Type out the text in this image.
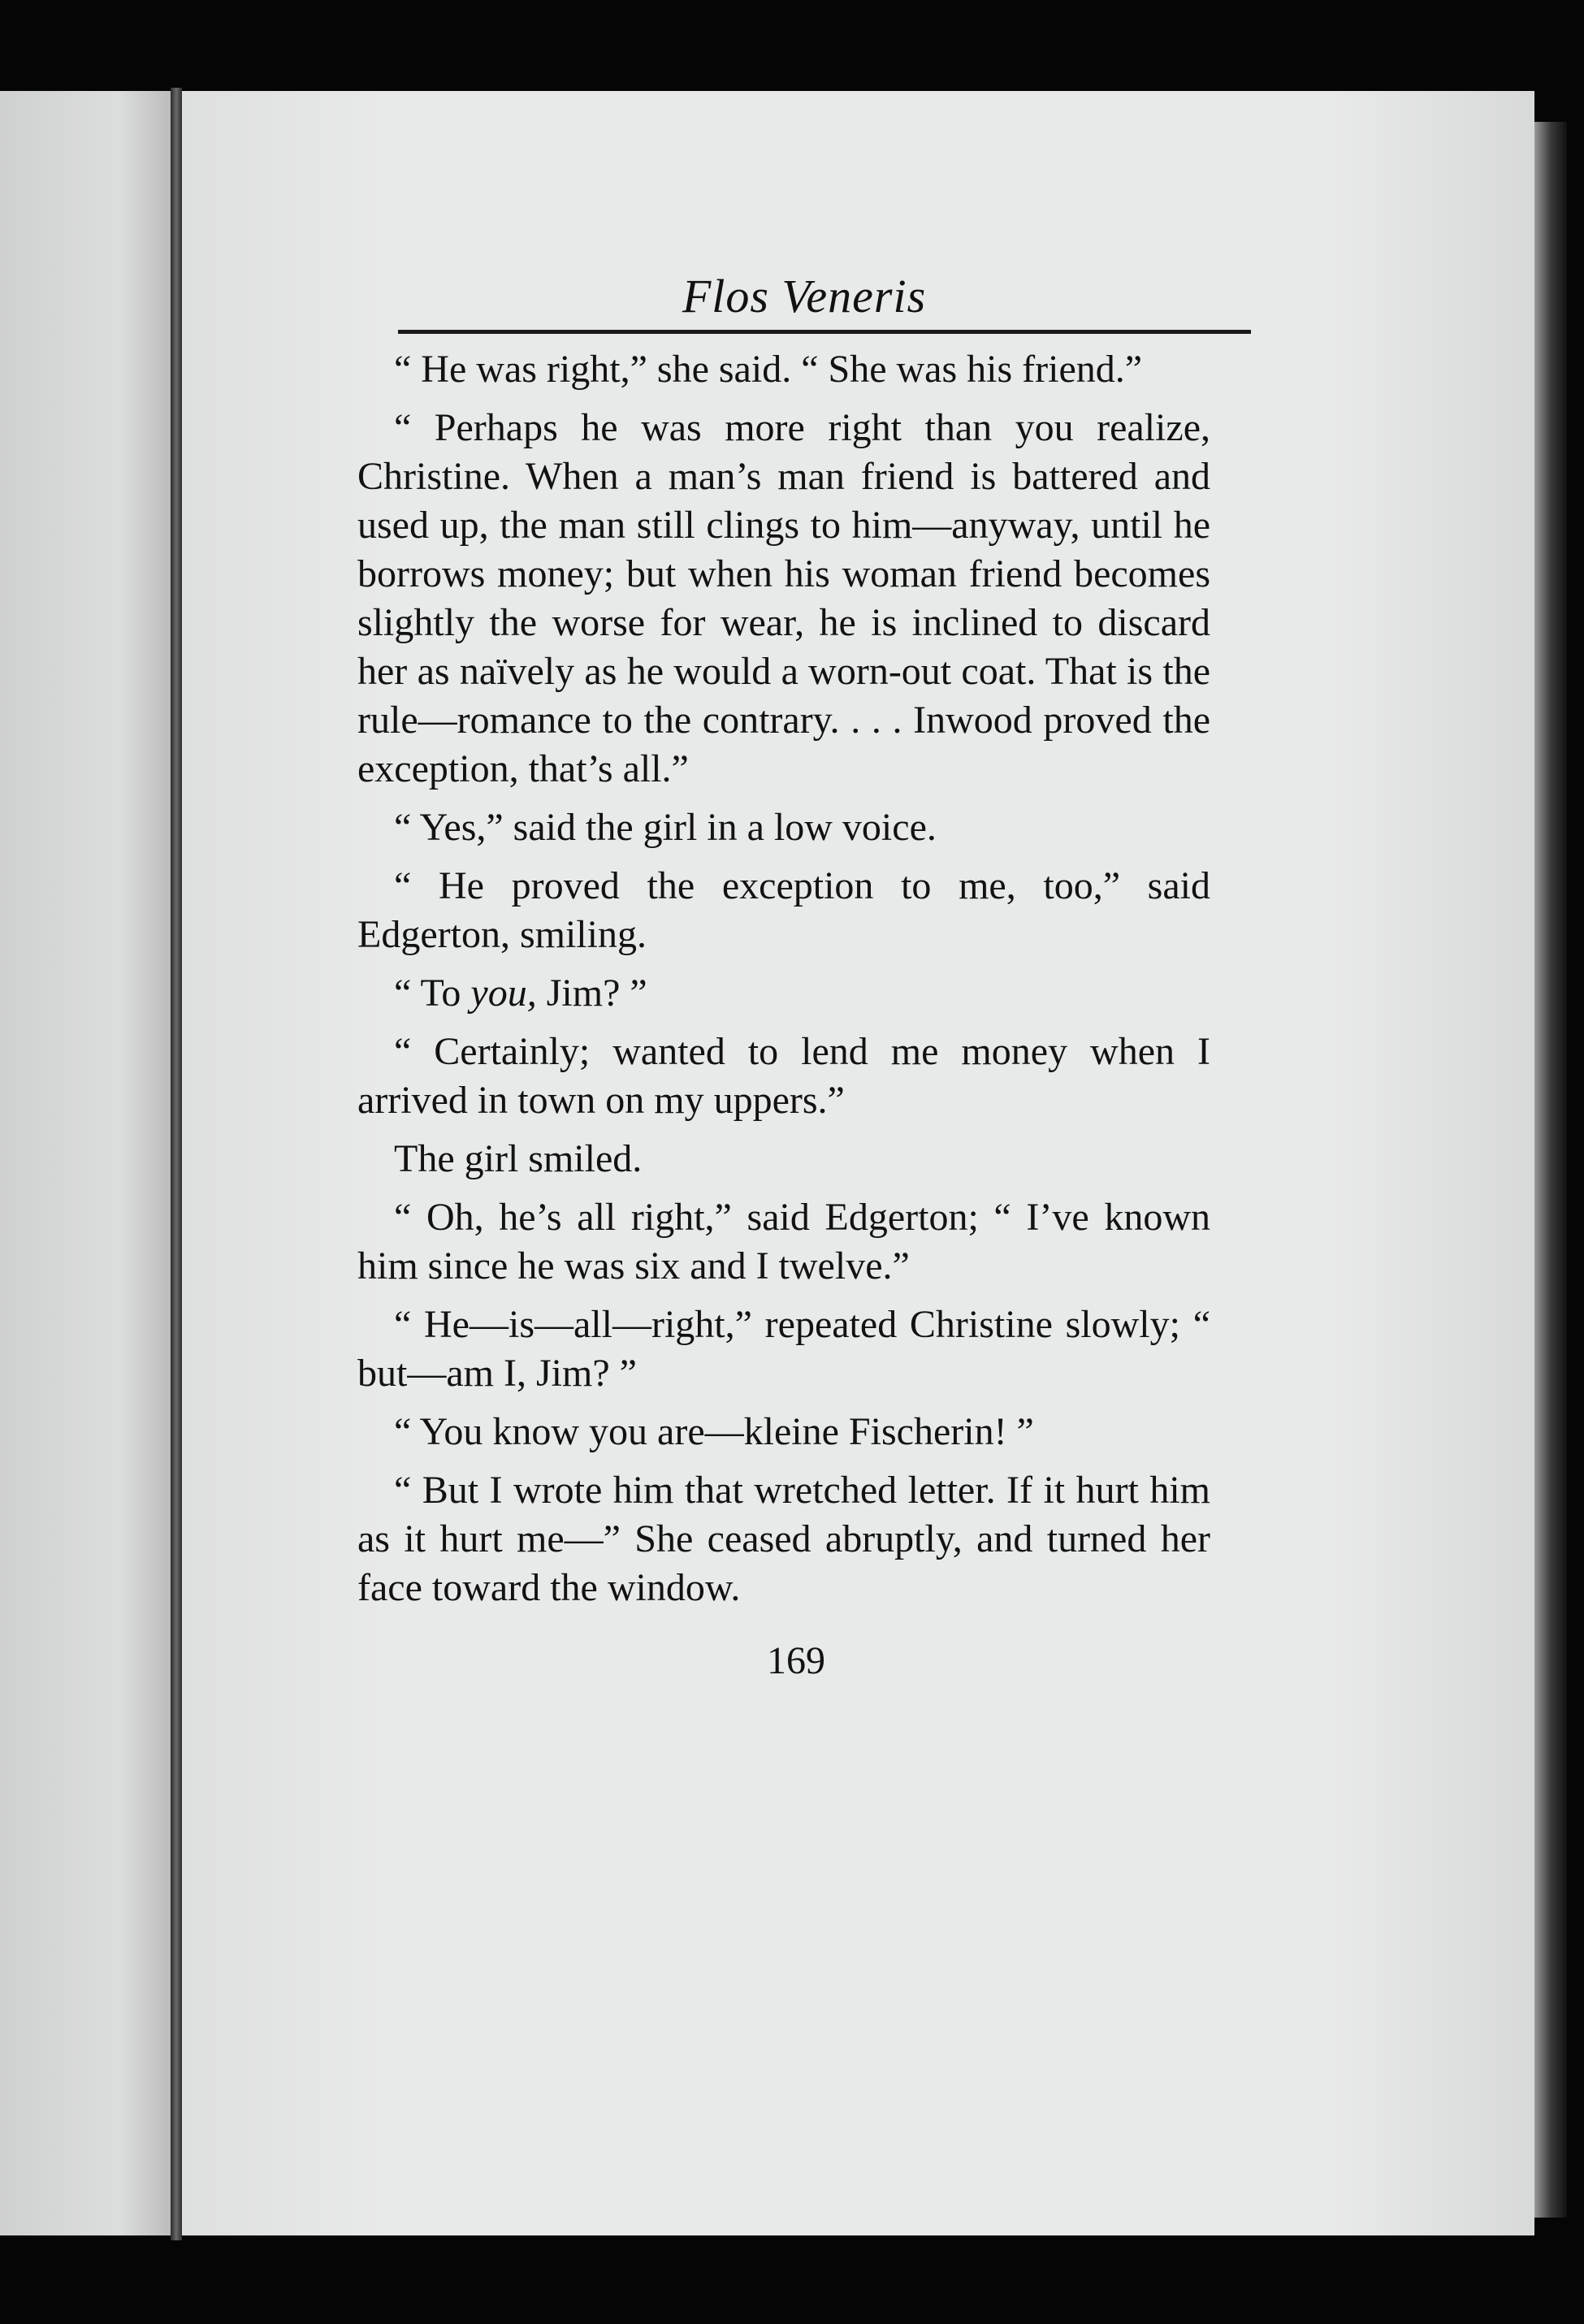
Flos Veneris

“ He was right,” she said. “ She was his friend.”

“ Perhaps he was more right than you realize, Christine. When a man’s man friend is battered and used up, the man still clings to him—anyway, until he borrows money; but when his woman friend becomes slightly the worse for wear, he is inclined to discard her as naïvely as he would a worn-out coat. That is the rule—romance to the contrary. . . . Inwood proved the exception, that’s all.”

“ Yes,” said the girl in a low voice.

“ He proved the exception to me, too,” said Edgerton, smiling.

“ To you, Jim? ”

“ Certainly; wanted to lend me money when I arrived in town on my uppers.”

The girl smiled.

“ Oh, he’s all right,” said Edgerton; “ I’ve known him since he was six and I twelve.”

“ He—is—all—right,” repeated Christine slowly; “ but—am I, Jim? ”

“ You know you are—kleine Fischerin! ”

“ But I wrote him that wretched letter. If it hurt him as it hurt me—” She ceased abruptly, and turned her face toward the window.

169
